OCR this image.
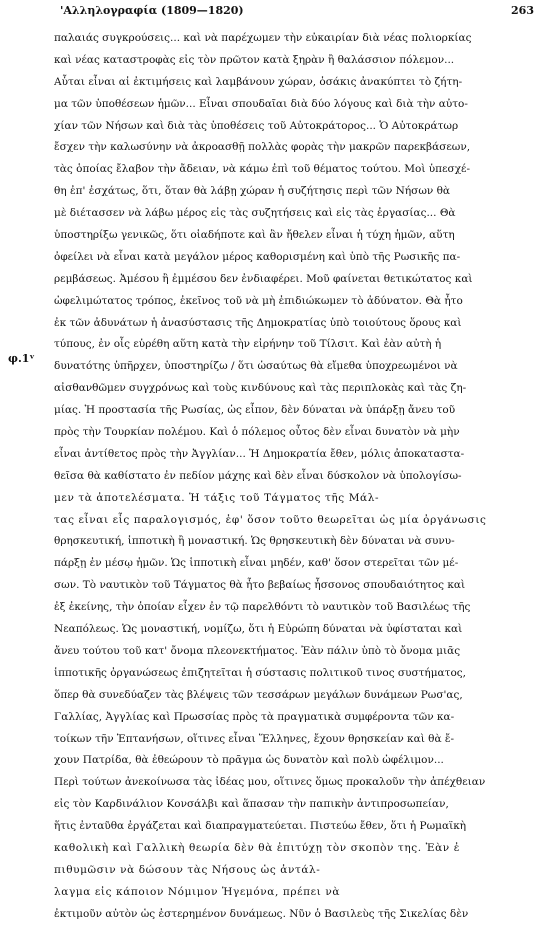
'Αλληλογραφία (1809—1820)	263
φ.1ᵛ
παλαιάς συγκρούσεις... καὶ νὰ παρέχωμεν τὴν εὐκαιρίαν διὰ νέας πολιορκίας
καὶ νέας καταστροφὰς εἰς τὸν πρῶτον κατὰ ξηρὰν ἢ θαλάσσιον πόλεμον...
Αὗται εἶναι αἱ ἐκτιμήσεις καὶ λαμβάνουν χώραν, ὁσάκις ἀνακύπτει τὸ ζήτη-
μα τῶν ὑποθέσεων ἡμῶν... Εἶναι σπουδαῖαι διὰ δύο λόγους καὶ διὰ τὴν αὐτο-
χίαν τῶν Νήσων καὶ διὰ τὰς ὑποθέσεις τοῦ Αὐτοκράτορος... Ὁ Αὐτοκράτωρ
ἔσχεν τὴν καλωσύνην νὰ ἀκροασθῇ πολλὰς φορὰς τὴν μακρῶν παρεκβάσεων,
τὰς ὁποίας ἔλαβον τὴν ἄδειαν, νὰ κάμω ἐπὶ τοῦ θέματος τούτου. Μοὶ ὑπεσχέ-
θη ἐπ' ἐσχάτως, ὅτι, ὅταν θὰ λάβῃ χώραν ἡ συζήτησις περὶ τῶν Νήσων θὰ
μὲ διέτασσεν νὰ λάβω μέρος εἰς τὰς συζητήσεις καὶ εἰς τὰς ἐργασίας... Θὰ
ὑποστηρίξω γενικῶς, ὅτι οἱαδήποτε καὶ ἂν ἤθελεν εἶναι ἡ τύχη ἡμῶν, αὕτη
ὀφείλει νὰ εἶναι κατὰ μεγάλον μέρος καθορισμένη καὶ ὑπὸ τῆς Ρωσικῆς πα-
ρεμβάσεως. Ἀμέσου ἢ ἐμμέσου δεν ἐνδιαφέρει. Μοῦ φαίνεται θετικώτατος καὶ
ὠφελιμώτατος τρόπος, ἐκεῖνος τοῦ νὰ μὴ ἐπιδιώκωμεν τὸ ἀδύνατον. Θὰ ἦτο
ἐκ τῶν ἀδυνάτων ἡ ἀνασύστασις τῆς Δημοκρατίας ὑπὸ τοιούτους ὅρους καὶ
τύπους, ἐν οἷς εὑρέθη αὕτη κατὰ τὴν εἰρήνην τοῦ Τίλσιτ. Καὶ ἐὰν αὐτὴ ἡ
δυνατότης ὑπῆρχεν, ὑποστηρίζω / ὅτι ὡσαύτως θὰ εἴμεθα ὑποχρεωμένοι νὰ
αἰσθανθῶμεν συγχρόνως καὶ τοὺς κινδύνους καὶ τὰς περιπλοκὰς καὶ τὰς ζη-
μίας. Ἡ προστασία τῆς Ρωσίας, ὡς εἶπον, δὲν δύναται νὰ ὑπάρξῃ ἄνευ τοῦ
πρὸς τὴν Τουρκίαν πολέμου. Καὶ ὁ πόλεμος οὗτος δὲν εἶναι δυνατὸν νὰ μὴν
εἶναι ἀντίθετος πρὸς τὴν Ἀγγλίαν... Ἡ Δημοκρατία ἔθεν, μόλις ἀποκαταστα-
θεῖσα θὰ καθίστατο ἐν πεδίον μάχης καὶ δὲν εἶναι δύσκολον νὰ ὑπολογίσω-
μεν τὰ ἀποτελέσματα. Ἡ τάξις τοῦ Τάγματος τῆς Μάλ-
τας εἶναι εἷς παραλογισμός, ἐφ' ὅσον τοῦτο θεωρεῖται ὡς μία ὀργάνωσις
θρησκευτική, ἱπποτικὴ ἢ μοναστική. Ὡς θρησκευτικὴ δὲν δύναται νὰ συνυ-
πάρξῃ ἐν μέσῳ ἡμῶν. Ὡς ἱπποτικὴ εἶναι μηδέν, καθ' ὅσον στερεῖται τῶν μέ-
σων. Τὸ ναυτικὸν τοῦ Τάγματος θὰ ἦτο βεβαίως ἧσσονος σπουδαιότητος καὶ
ἐξ ἐκείνης, τὴν ὁποίαν εἶχεν ἐν τῷ παρελθόντι τὸ ναυτικὸν τοῦ Βασιλέως τῆς
Νεαπόλεως. Ὡς μοναστική, νομίζω, ὅτι ἡ Εὐρώπη δύναται νὰ ὑφίσταται καὶ
ἄνευ τούτου τοῦ κατ' ὄνομα πλεονεκτήματος. Ἐὰν πάλιν ὑπὸ τὸ ὄνομα μιᾶς
ἱπποτικῆς ὀργανώσεως ἐπιζητεῖται ἡ σύστασις πολιτικοῦ τινος συστήματος,
ὅπερ θὰ συνεδύαζεν τὰς βλέψεις τῶν τεσσάρων μεγάλων δυνάμεων Ρωσ'ας,
Γαλλίας, Ἀγγλίας καὶ Πρωσσίας πρὸς τὰ πραγματικὰ συμφέροντα τῶν κα-
τοίκων τῆν Ἑπτανήσων, οἵτινες εἶναι Ἕλληνες, ἔχουν θρησκείαν καὶ θὰ ἔ-
χουν Πατρίδα, θὰ ἐθεώρουν τὸ πρᾶγμα ὡς δυνατὸν καὶ πολὺ ὠφέλιμον...
Περὶ τούτων ἀνεκοίνωσα τὰς ἰδέας μου, οἵτινες ὅμως προκαλοῦν τὴν ἀπέχθειαν
εἰς τὸν Καρδινάλιον Κονσάλβι καὶ ἅπασαν τὴν παπικὴν ἀντιπροσωπείαν,
ἥτις ἐνταῦθα ἐργάζεται καὶ διαπραγματεύεται. Πιστεύω ἔθεν, ὅτι ἡ Ρωμαϊκὴ
καθολικὴ καὶ Γαλλικὴ θεωρία δὲν θὰ ἐπιτύχῃ τὸν σκοπὸν της. Ἐὰν ἐ
πιθυμῶσιν νὰ δώσουν τὰς Νήσους ὡς ἀντάλ-
λαγμα εἰς κάποιον Νόμιμον Ἡγεμόνα, πρέπει νὰ
ἐκτιμοῦν αὐτὸν ὡς ἐστερημένον δυνάμεως. Νῦν ὁ Βασιλεὺς τῆς Σικελίας δὲν
